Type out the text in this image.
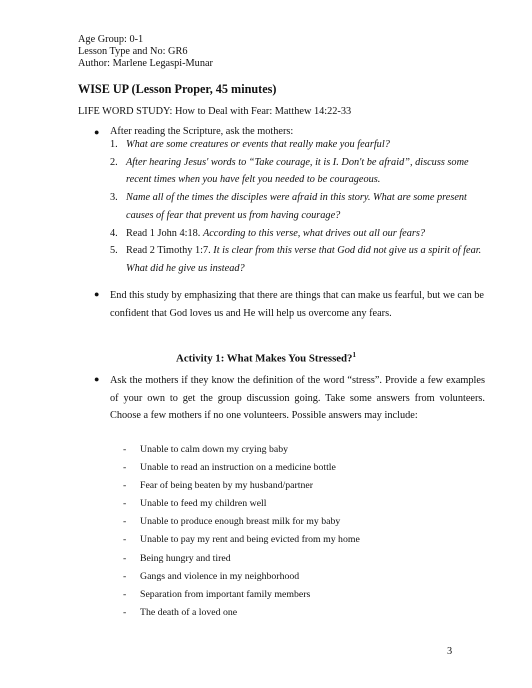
Age Group: 0-1
Lesson Type and No: GR6
Author: Marlene Legaspi-Munar
WISE UP (Lesson Proper, 45 minutes)
LIFE WORD STUDY: How to Deal with Fear: Matthew 14:22-33
● After reading the Scripture, ask the mothers:
1. What are some creatures or events that really make you fearful?
2. After hearing Jesus' words to “Take courage, it is I. Don't be afraid”, discuss some recent times when you have felt you needed to be courageous.
3. Name all of the times the disciples were afraid in this story. What are some present causes of fear that prevent us from having courage?
4. Read 1 John 4:18. According to this verse, what drives out all our fears?
5. Read 2 Timothy 1:7. It is clear from this verse that God did not give us a spirit of fear. What did he give us instead?
● End this study by emphasizing that there are things that can make us fearful, but we can be confident that God loves us and He will help us overcome any fears.
Activity 1: What Makes You Stressed?$^1$
● Ask the mothers if they know the definition of the word “stress”. Provide a few examples of your own to get the group discussion going. Take some answers from volunteers. Choose a few mothers if no one volunteers. Possible answers may include:
- Unable to calm down my crying baby
- Unable to read an instruction on a medicine bottle
- Fear of being beaten by my husband/partner
- Unable to feed my children well
- Unable to produce enough breast milk for my baby
- Unable to pay my rent and being evicted from my home
- Being hungry and tired
- Gangs and violence in my neighborhood
- Separation from important family members
- The death of a loved one
3
